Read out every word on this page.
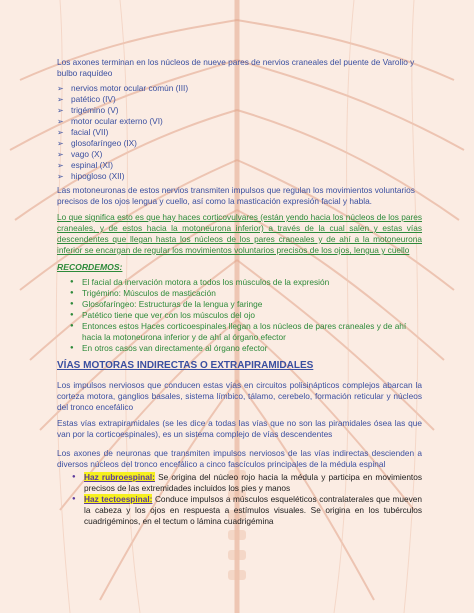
Los axones terminan en los núcleos de nueve pares de nervios craneales del puente de Varolio y bulbo raquídeo
➢ nervios motor ocular común (III)
➢ patético (IV)
➢ trigémino (V)
➢ motor ocular externo (VI)
➢ facial (VII)
➢ glosofaríngeo (IX)
➢ vago (X)
➢ espinal (XI)
➢ hipogloso (XII)
Las motoneuronas de estos nervios transmiten impulsos que regulan los movimientos voluntarios precisos de los ojos lengua y cuello, así como la masticación expresión facial y habla.
Lo que significa esto es que hay haces corticovulvares (están yendo hacia los núcleos de los pares craneales, y de estos hacia la motoneurona inferior) a través de la cual salen y estas vías descendentes que llegan hasta los núcleos de los pares craneales y de ahí a la motoneurona inferior se encargan de regular los movimientos voluntarios precisos de los ojos, lengua y cuello
RECORDEMOS:
● El facial da inervación motora a todos los músculos de la expresión
● Trigémino: Músculos de masticación
● Glosofaríngeo: Estructuras de la lengua y faringe
● Patético tiene que ver con los músculos del ojo
● Entonces estos Haces corticoespinales llegan a los núcleos de pares craneales y de ahí hacia la motoneurona inferior y de ahí al órgano efector
● En otros casos van directamente al órgano efector
VÍAS MOTORAS INDIRECTAS O EXTRAPIRAMIDALES
Los impulsos nerviosos que conducen estas vías en circuitos polisinápticos complejos abarcan la corteza motora, ganglios basales, sistema límbico, tálamo, cerebelo, formación reticular y núcleos del tronco encefálico
Estas vías extrapiramidales (se les dice a todas las vías que no son las piramidales ósea las que van por la corticoespinales), es un sistema complejo de vías descendentes
Los axones de neuronas que transmiten impulsos nerviosos de las vías indirectas descienden a diversos núcleos del tronco encefálico a cinco fascículos principales de la médula espinal
● Haz rubroespinal: Se origina del núcleo rojo hacia la médula y participa en movimientos precisos de las extremidades incluidos los pies y manos
● Haz tectoespinal: Conduce impulsos a músculos esqueléticos contralaterales que mueven la cabeza y los ojos en respuesta a estímulos visuales. Se origina en los tubérculos cuadrigéminos, en el tectum o lámina cuadrigémina
